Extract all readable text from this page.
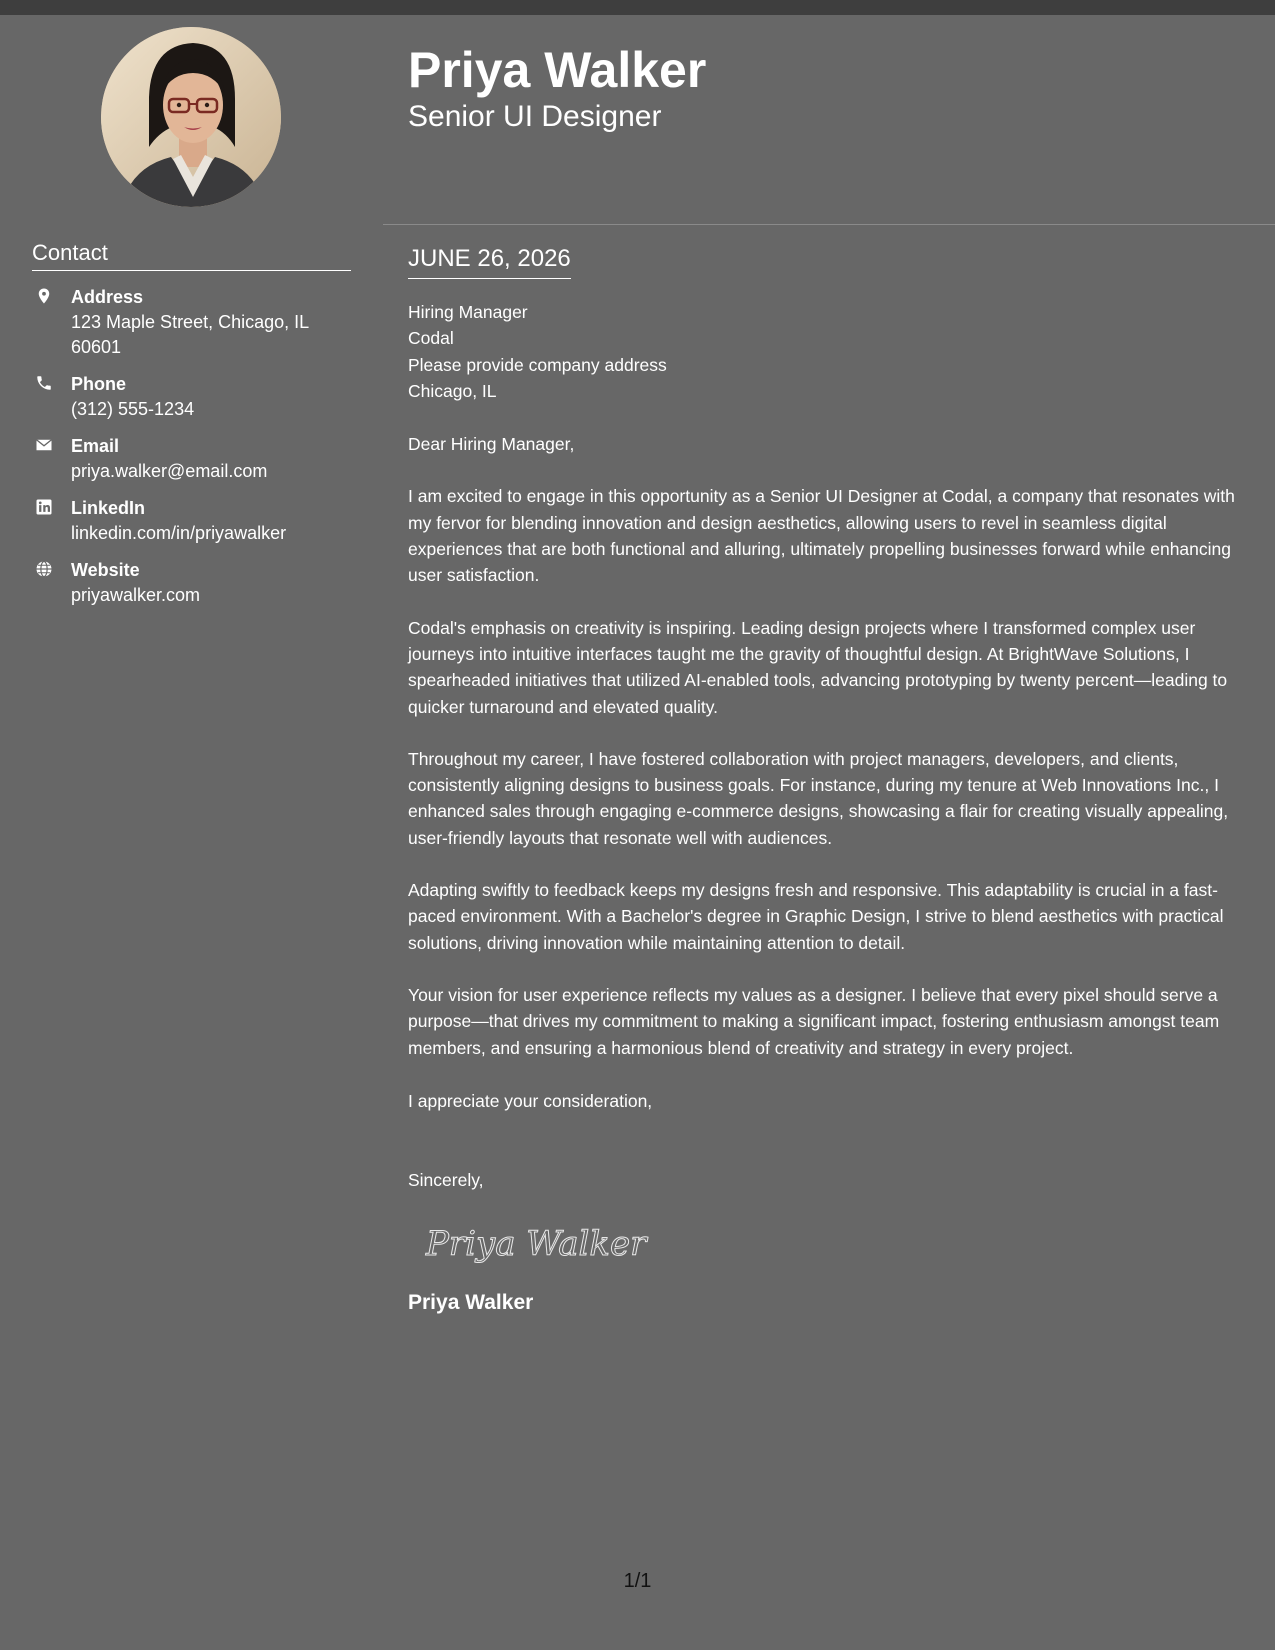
Contact
Address
123 Maple Street, Chicago, IL 60601
Phone
(312) 555-1234
Email
priya.walker@email.com
LinkedIn
linkedin.com/in/priyawalker
Website
priyawalker.com
Priya Walker
Senior UI Designer
JUNE 26, 2026
Hiring Manager
Codal
Please provide company address
Chicago, IL
Dear Hiring Manager,

I am excited to engage in this opportunity as a Senior UI Designer at Codal, a company that resonates with my fervor for blending innovation and design aesthetics, allowing users to revel in seamless digital experiences that are both functional and alluring, ultimately propelling businesses forward while enhancing user satisfaction.

Codal's emphasis on creativity is inspiring. Leading design projects where I transformed complex user journeys into intuitive interfaces taught me the gravity of thoughtful design. At BrightWave Solutions, I spearheaded initiatives that utilized AI-enabled tools, advancing prototyping by twenty percent—leading to quicker turnaround and elevated quality.

Throughout my career, I have fostered collaboration with project managers, developers, and clients, consistently aligning designs to business goals. For instance, during my tenure at Web Innovations Inc., I enhanced sales through engaging e-commerce designs, showcasing a flair for creating visually appealing, user-friendly layouts that resonate well with audiences.

Adapting swiftly to feedback keeps my designs fresh and responsive. This adaptability is crucial in a fast-paced environment. With a Bachelor's degree in Graphic Design, I strive to blend aesthetics with practical solutions, driving innovation while maintaining attention to detail.

Your vision for user experience reflects my values as a designer. I believe that every pixel should serve a purpose—that drives my commitment to making a significant impact, fostering enthusiasm amongst team members, and ensuring a harmonious blend of creativity and strategy in every project.

I appreciate your consideration,
Sincerely,
Priya Walker
Priya Walker
1/1
